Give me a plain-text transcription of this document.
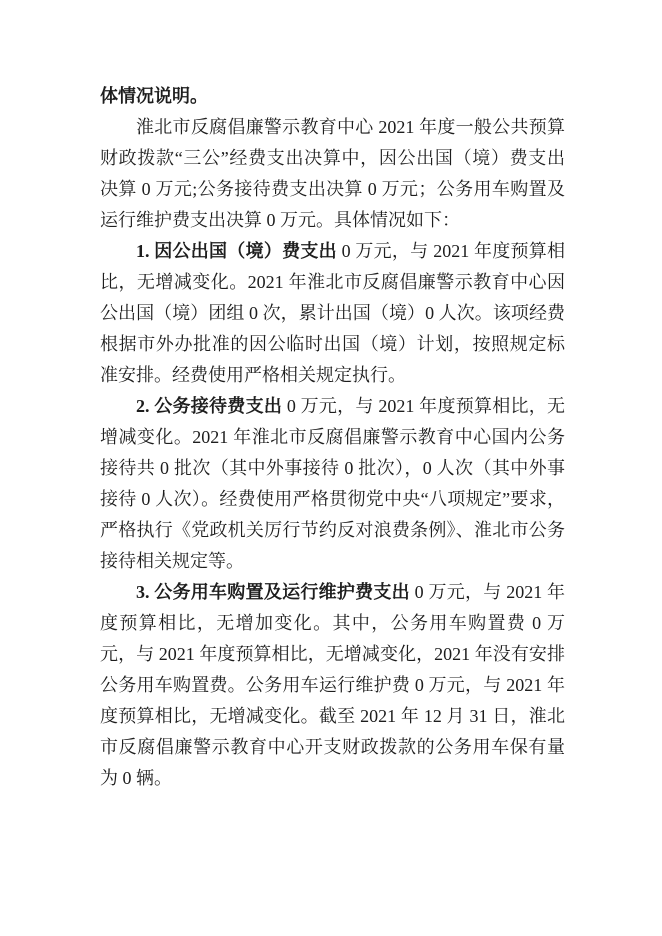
体情况说明。

淮北市反腐倡廉警示教育中心 2021 年度一般公共预算财政拨款“三公”经费支出决算中，因公出国（境）费支出决算 0 万元;公务接待费支出决算 0 万元；公务用车购置及运行维护费支出决算 0 万元。具体情况如下：

1. 因公出国（境）费支出 0 万元，与 2021 年度预算相比，无增减变化。2021 年淮北市反腐倡廉警示教育中心因公出国（境）团组 0 次，累计出国（境）0 人次。该项经费根据市外办批准的因公临时出国（境）计划，按照规定标准安排。经费使用严格相关规定执行。

2. 公务接待费支出 0 万元，与 2021 年度预算相比，无增减变化。2021 年淮北市反腐倡廉警示教育中心国内公务接待共 0 批次（其中外事接待 0 批次），0 人次（其中外事接待 0 人次）。经费使用严格贯彻党中央“八项规定”要求，严格执行《党政机关厉行节约反对浪费条例》、淮北市公务接待相关规定等。

3. 公务用车购置及运行维护费支出 0 万元，与 2021 年度预算相比，无增加变化。其中，公务用车购置费 0 万元，与 2021 年度预算相比，无增减变化，2021 年没有安排公务用车购置费。公务用车运行维护费 0 万元，与 2021 年度预算相比，无增减变化。截至 2021 年 12 月 31 日，淮北市反腐倡廉警示教育中心开支财政拨款的公务用车保有量为 0 辆。
